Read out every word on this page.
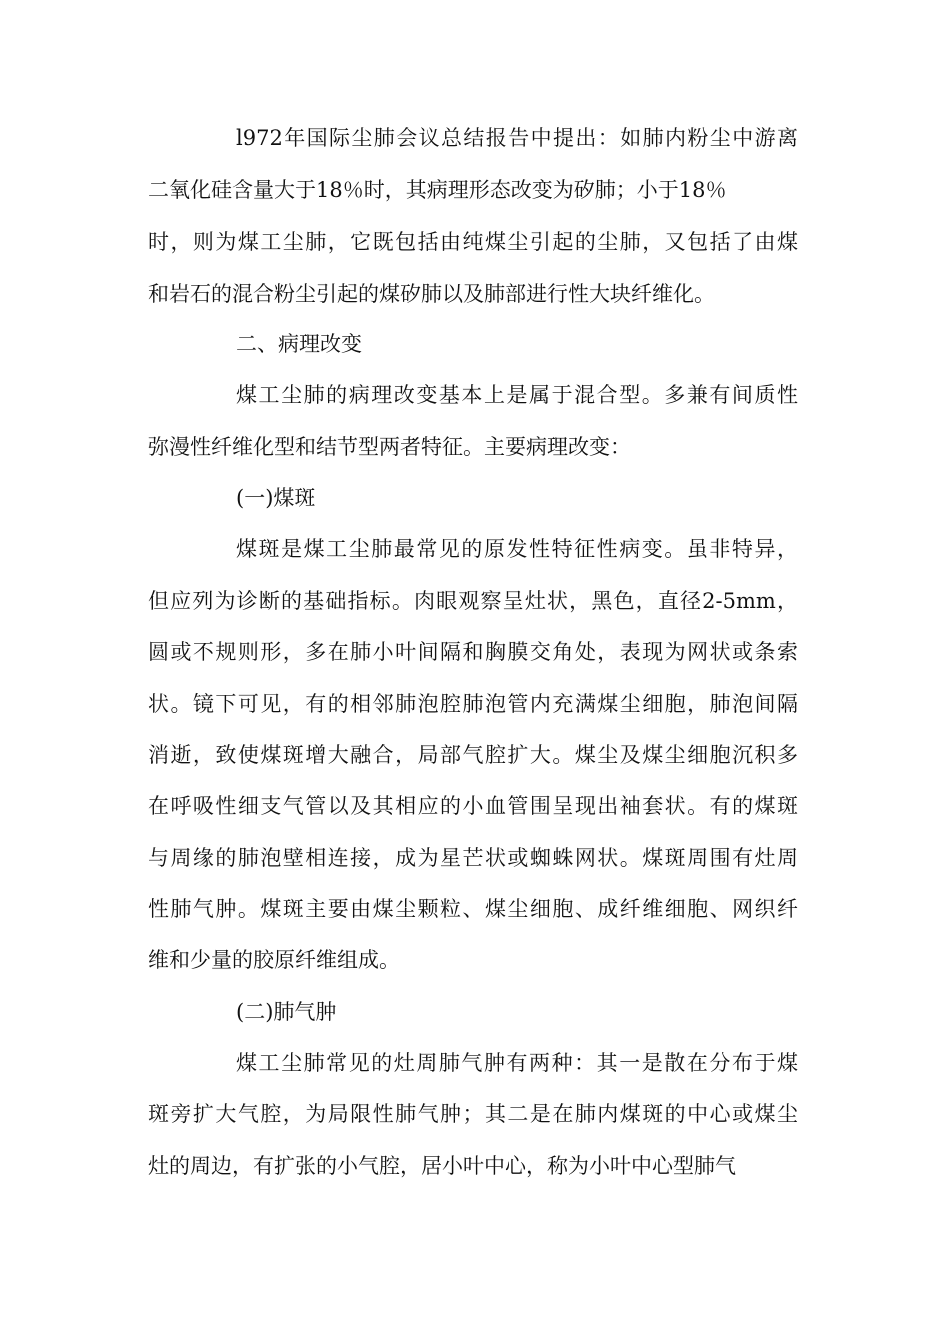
l972年国际尘肺会议总结报告中提出：如肺内粉尘中游离
二氧化硅含量大于18％时，其病理形态改变为矽肺；小于18％
时，则为煤工尘肺，它既包括由纯煤尘引起的尘肺，又包括了由煤
和岩石的混合粉尘引起的煤矽肺以及肺部进行性大块纤维化。
二、病理改变
煤工尘肺的病理改变基本上是属于混合型。多兼有间质性
弥漫性纤维化型和结节型两者特征。主要病理改变：
(一)煤斑
煤斑是煤工尘肺最常见的原发性特征性病变。虽非特异，
但应列为诊断的基础指标。肉眼观察呈灶状，黑色，直径2-5mm，
圆或不规则形，多在肺小叶间隔和胸膜交角处，表现为网状或条索
状。镜下可见，有的相邻肺泡腔肺泡管内充满煤尘细胞，肺泡间隔
消逝，致使煤斑增大融合，局部气腔扩大。煤尘及煤尘细胞沉积多
在呼吸性细支气管以及其相应的小血管围呈现出袖套状。有的煤斑
与周缘的肺泡壁相连接，成为星芒状或蜘蛛网状。煤斑周围有灶周
性肺气肿。煤斑主要由煤尘颗粒、煤尘细胞、成纤维细胞、网织纤
维和少量的胶原纤维组成。
(二)肺气肿
煤工尘肺常见的灶周肺气肿有两种：其一是散在分布于煤
斑旁扩大气腔，为局限性肺气肿；其二是在肺内煤斑的中心或煤尘
灶的周边，有扩张的小气腔，居小叶中心，称为小叶中心型肺气
